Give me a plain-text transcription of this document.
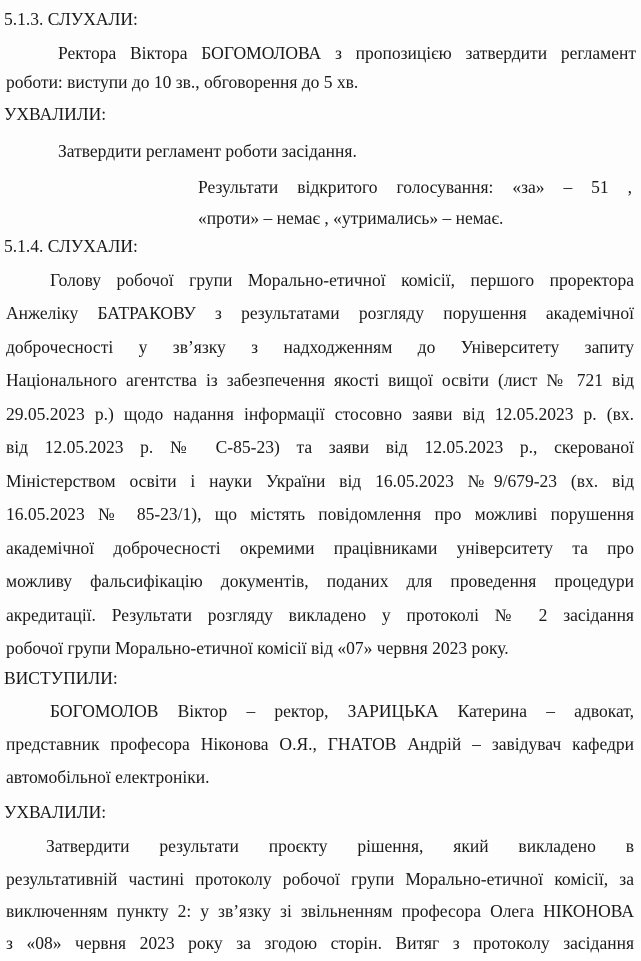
5.1.3. СЛУХАЛИ:
Ректора Віктора БОГОМОЛОВА з пропозицією затвердити регламент
роботи: виступи до 10 зв., обговорення до 5 хв.
УХВАЛИЛИ:
Затвердити регламент роботи засідання.
Результати відкритого голосування: «за» – 51 ,
«проти» – немає , «утримались» – немає.
5.1.4. СЛУХАЛИ:
Голову робочої групи Морально-етичної комісії, першого проректора
Анжеліку БАТРАКОВУ з результатами розгляду порушення академічної
доброчесності у зв’язку з надходженням до Університету запиту
Національного агентства із забезпечення якості вищої освіти (лист № 721 від
29.05.2023 р.) щодо надання інформації стосовно заяви від 12.05.2023 р. (вх.
від 12.05.2023 р. № С-85-23) та заяви від 12.05.2023 р., скерованої
Міністерством освіти і науки України від 16.05.2023 №9/679-23 (вх. від
16.05.2023 № 85-23/1), що містять повідомлення про можливі порушення
академічної доброчесності окремими працівниками університету та про
можливу фальсифікацію документів, поданих для проведення процедури
акредитації. Результати розгляду викладено у протоколі № 2 засідання
робочої групи Морально-етичної комісії від «07» червня 2023 року.
ВИСТУПИЛИ:
БОГОМОЛОВ Віктор – ректор, ЗАРИЦЬКА Катерина – адвокат,
представник професора Ніконова О.Я., ГНАТОВ Андрій – завідувач кафедри
автомобільної електроніки.
УХВАЛИЛИ:
Затвердити результати проєкту рішення, який викладено в
результативній частині протоколу робочої групи Морально-етичної комісії, за
виключенням пункту 2: у зв’язку зі звільненням професора Олега НІКОНОВА
з «08» червня 2023 року за згодою сторін. Витяг з протоколу засідання
